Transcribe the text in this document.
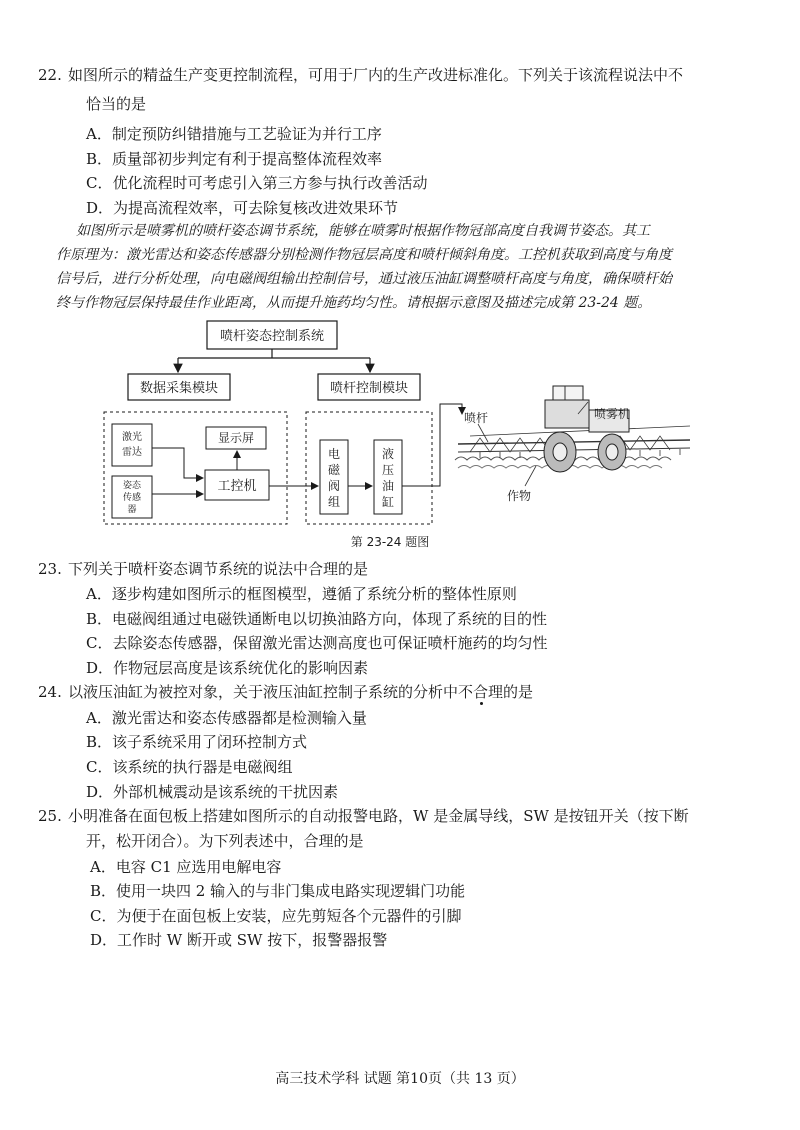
22. 如图所示的精益生产变更控制流程，可用于厂内的生产改进标准化。下列关于该流程说法中不
恰当的是
A．制定预防纠错措施与工艺验证为并行工序
B．质量部初步判定有利于提高整体流程效率
C．优化流程时可考虑引入第三方参与执行改善活动
D．为提高流程效率，可去除复核改进效果环节
如图所示是喷雾机的喷杆姿态调节系统，能够在喷雾时根据作物冠部高度自我调节姿态。其工
作原理为：激光雷达和姿态传感器分别检测作物冠层高度和喷杆倾斜角度。工控机获取到高度与角度
信号后，进行分析处理，向电磁阀组输出控制信号，通过液压油缸调整喷杆高度与角度，确保喷杆始
终与作物冠层保持最佳作业距离，从而提升施药均匀性。请根据示意图及描述完成第 23-24 题。
喷杆姿态控制系统
数据采集模块	喷杆控制模块
激光雷达
姿态传感器
显示屏
工控机
电磁阀组
液压油缸
喷杆	喷雾机
作物
第 23-24 题图
23. 下列关于喷杆姿态调节系统的说法中合理的是
A．逐步构建如图所示的框图模型，遵循了系统分析的整体性原则
B．电磁阀组通过电磁铁通断电以切换油路方向，体现了系统的目的性
C．去除姿态传感器，保留激光雷达测高度也可保证喷杆施药的均匀性
D．作物冠层高度是该系统优化的影响因素
24. 以液压油缸为被控对象，关于液压油缸控制子系统的分析中不合理的是
A．激光雷达和姿态传感器都是检测输入量
B．该子系统采用了闭环控制方式
C．该系统的执行器是电磁阀组
D．外部机械震动是该系统的干扰因素
25. 小明准备在面包板上搭建如图所示的自动报警电路，W 是金属导线，SW 是按钮开关（按下断
开，松开闭合）。为下列表述中，合理的是
A．电容 C1 应选用电解电容
B．使用一块四 2 输入的与非门集成电路实现逻辑门功能
C．为便于在面包板上安装，应先剪短各个元器件的引脚
D．工作时 W 断开或 SW 按下，报警器报警
高三技术学科 试题 第10页（共 13 页）
